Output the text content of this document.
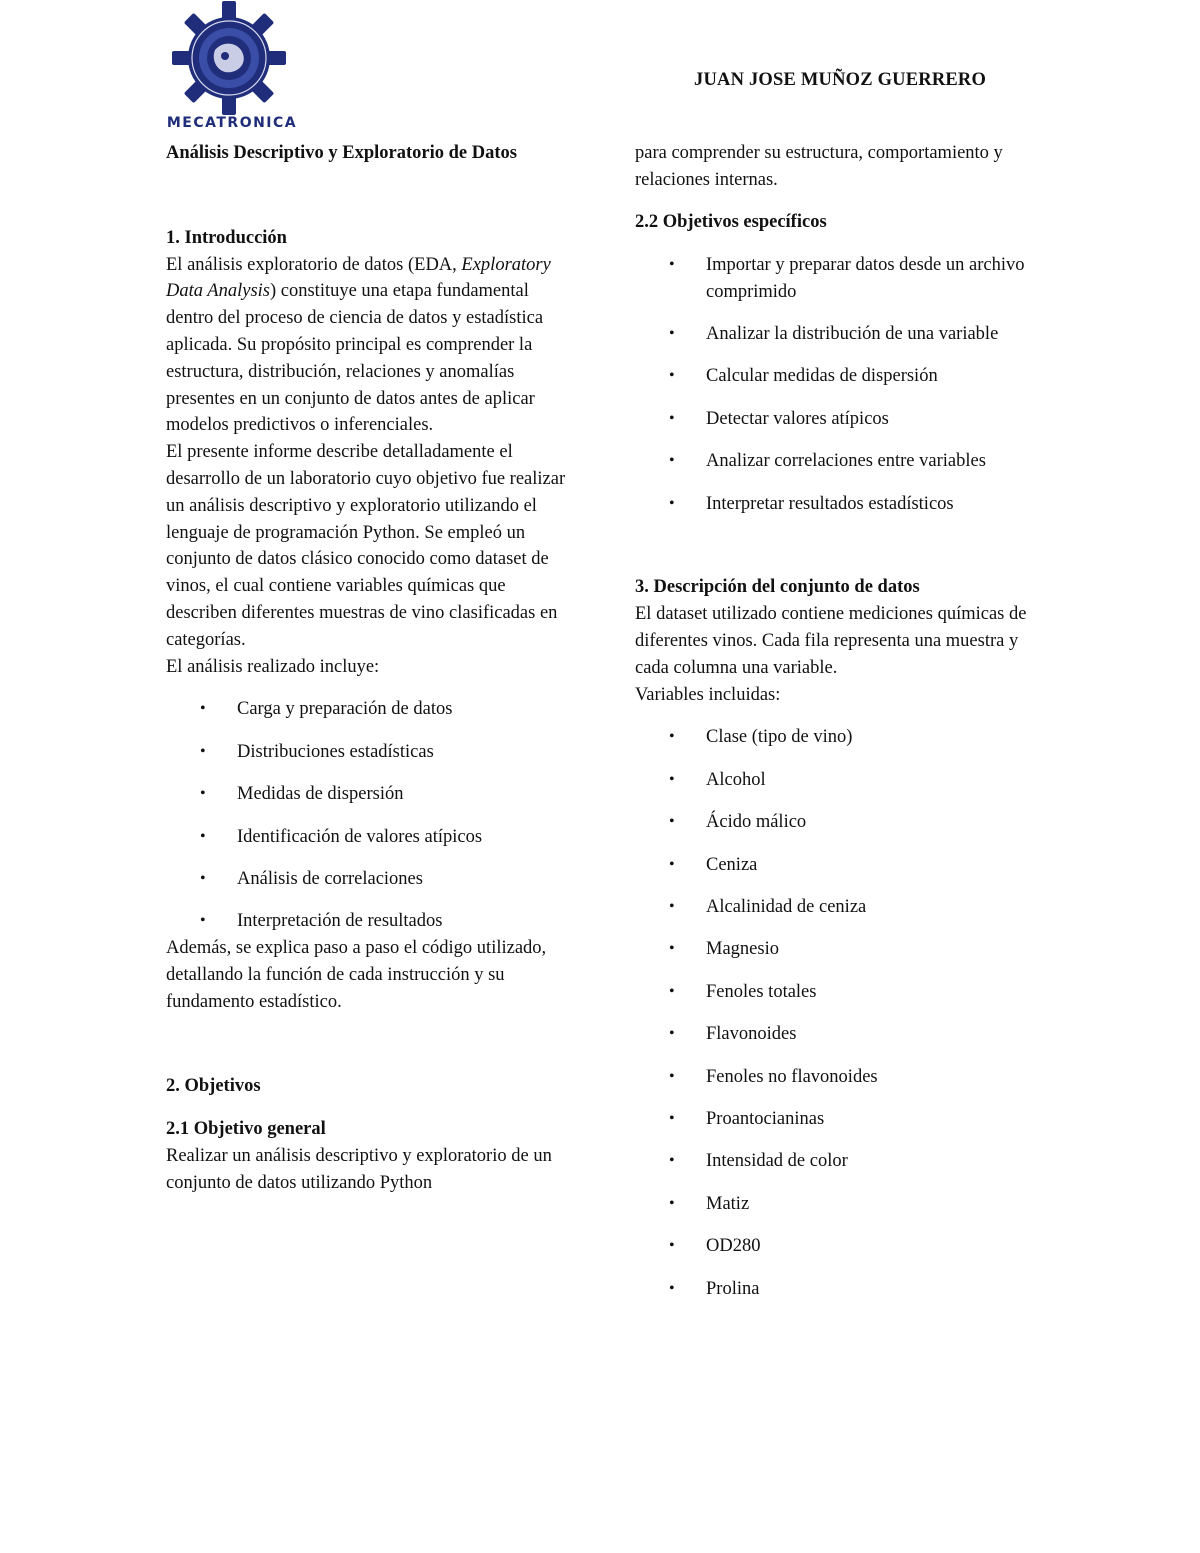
MECATRONICA
JUAN JOSE MUÑOZ GUERRERO
Análisis Descriptivo y Exploratorio de Datos
1. Introducción

El análisis exploratorio de datos (EDA, Exploratory Data Analysis) constituye una etapa fundamental dentro del proceso de ciencia de datos y estadística aplicada. Su propósito principal es comprender la estructura, distribución, relaciones y anomalías presentes en un conjunto de datos antes de aplicar modelos predictivos o inferenciales.

El presente informe describe detalladamente el desarrollo de un laboratorio cuyo objetivo fue realizar un análisis descriptivo y exploratorio utilizando el lenguaje de programación Python. Se empleó un conjunto de datos clásico conocido como dataset de vinos, el cual contiene variables químicas que describen diferentes muestras de vino clasificadas en categorías.

El análisis realizado incluye:

• Carga y preparación de datos
• Distribuciones estadísticas
• Medidas de dispersión
• Identificación de valores atípicos
• Análisis de correlaciones
• Interpretación de resultados

Además, se explica paso a paso el código utilizado, detallando la función de cada instrucción y su fundamento estadístico.

2. Objetivos
2.1 Objetivo general

Realizar un análisis descriptivo y exploratorio de un conjunto de datos utilizando Python

para comprender su estructura, comportamiento y relaciones internas.

2.2 Objetivos específicos
• Importar y preparar datos desde un archivo comprimido
• Analizar la distribución de una variable
• Calcular medidas de dispersión
• Detectar valores atípicos
• Analizar correlaciones entre variables
• Interpretar resultados estadísticos
3. Descripción del conjunto de datos

El dataset utilizado contiene mediciones químicas de diferentes vinos. Cada fila representa una muestra y cada columna una variable.

Variables incluidas:

• Clase (tipo de vino)
• Alcohol
• Ácido málico
• Ceniza
• Alcalinidad de ceniza
• Magnesio
• Fenoles totales
• Flavonoides
• Fenoles no flavonoides
• Proantocianinas
• Intensidad de color
• Matiz
• OD280
• Prolina
